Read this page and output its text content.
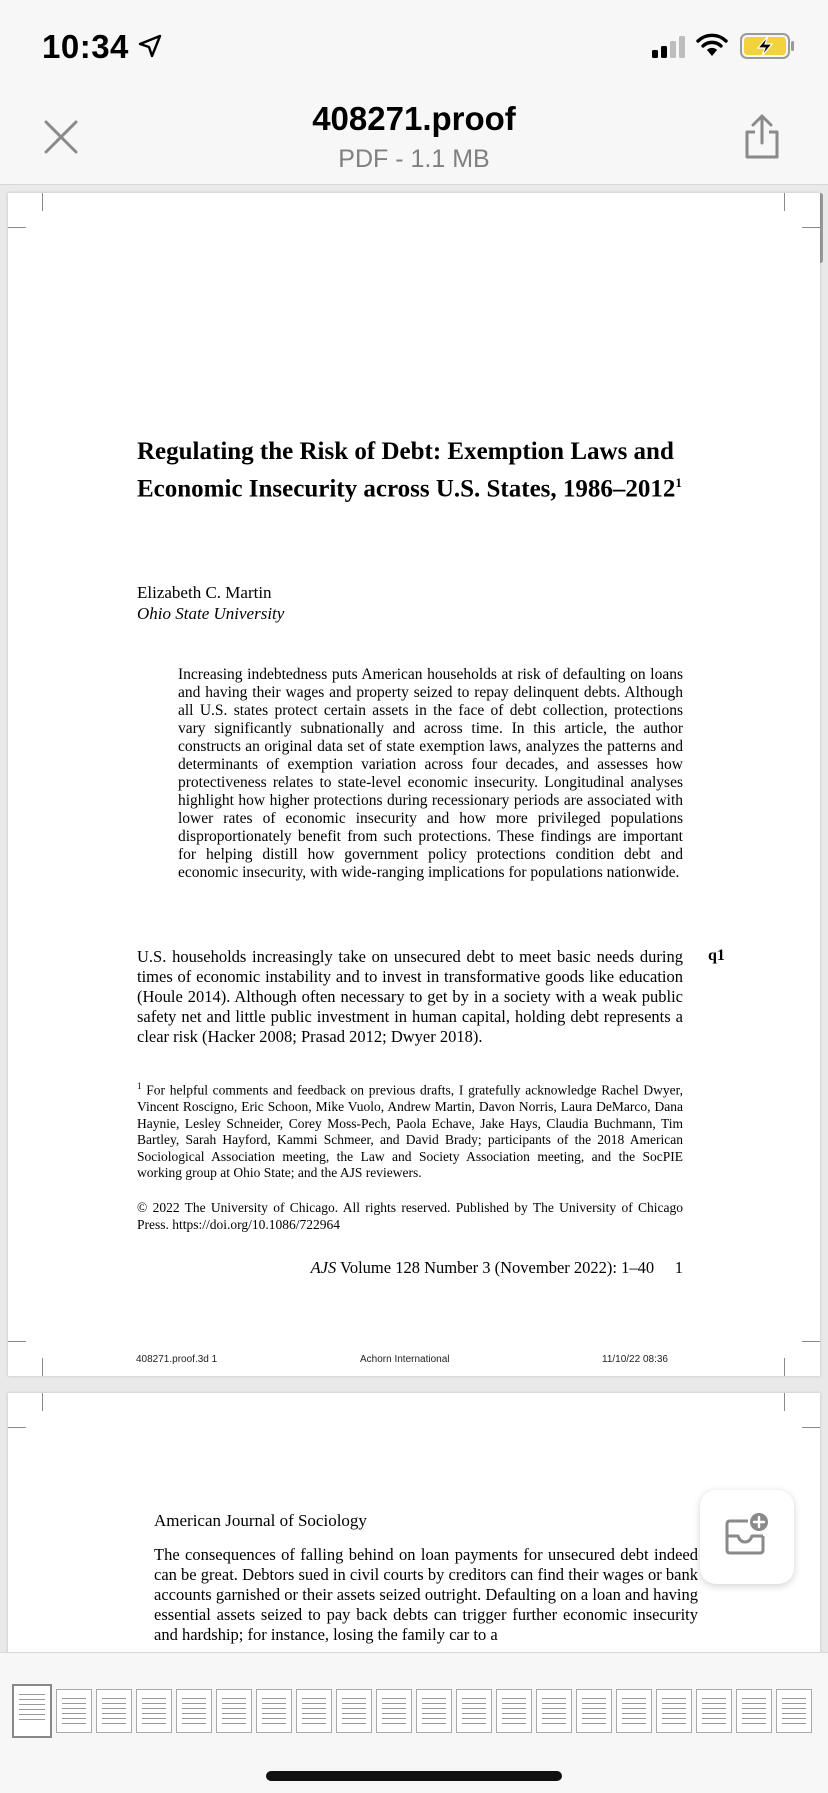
10:34
408271.proof
PDF - 1.1 MB
Regulating the Risk of Debt: Exemption Laws and Economic Insecurity across U.S. States, 1986–2012$^1$
Elizabeth C. Martin
Ohio State University
Increasing indebtedness puts American households at risk of defaulting on loans and having their wages and property seized to repay delinquent debts. Although all U.S. states protect certain assets in the face of debt collection, protections vary significantly subnationally and across time. In this article, the author constructs an original data set of state exemption laws, analyzes the patterns and determinants of exemption variation across four decades, and assesses how protectiveness relates to state-level economic insecurity. Longitudinal analyses highlight how higher protections during recessionary periods are associated with lower rates of economic insecurity and how more privileged populations disproportionately benefit from such protections. These findings are important for helping distill how government policy protections condition debt and economic insecurity, with wide-ranging implications for populations nationwide.
U.S. households increasingly take on unsecured debt to meet basic needs during times of economic instability and to invest in transformative goods like education (Houle 2014). Although often necessary to get by in a society with a weak public safety net and little public investment in human capital, holding debt represents a clear risk (Hacker 2008; Prasad 2012; Dwyer 2018).
q1
$^1$ For helpful comments and feedback on previous drafts, I gratefully acknowledge Rachel Dwyer, Vincent Roscigno, Eric Schoon, Mike Vuolo, Andrew Martin, Davon Norris, Laura DeMarco, Dana Haynie, Lesley Schneider, Corey Moss-Pech, Paola Echave, Jake Hays, Claudia Buchmann, Tim Bartley, Sarah Hayford, Kammi Schmeer, and David Brady; participants of the 2018 American Sociological Association meeting, the Law and Society Association meeting, and the SocPIE working group at Ohio State; and the AJS reviewers.
© 2022 The University of Chicago. All rights reserved. Published by The University of Chicago Press. https://doi.org/10.1086/722964
AJS Volume 128 Number 3 (November 2022): 1–40 1
408271.proof.3d 1	Achorn International	11/10/22 08:36
American Journal of Sociology
The consequences of falling behind on loan payments for unsecured debt indeed can be great. Debtors sued in civil courts by creditors can find their wages or bank accounts garnished or their assets seized outright. Defaulting on a loan and having essential assets seized to pay back debts can trigger further economic insecurity and hardship; for instance, losing the family car to a
